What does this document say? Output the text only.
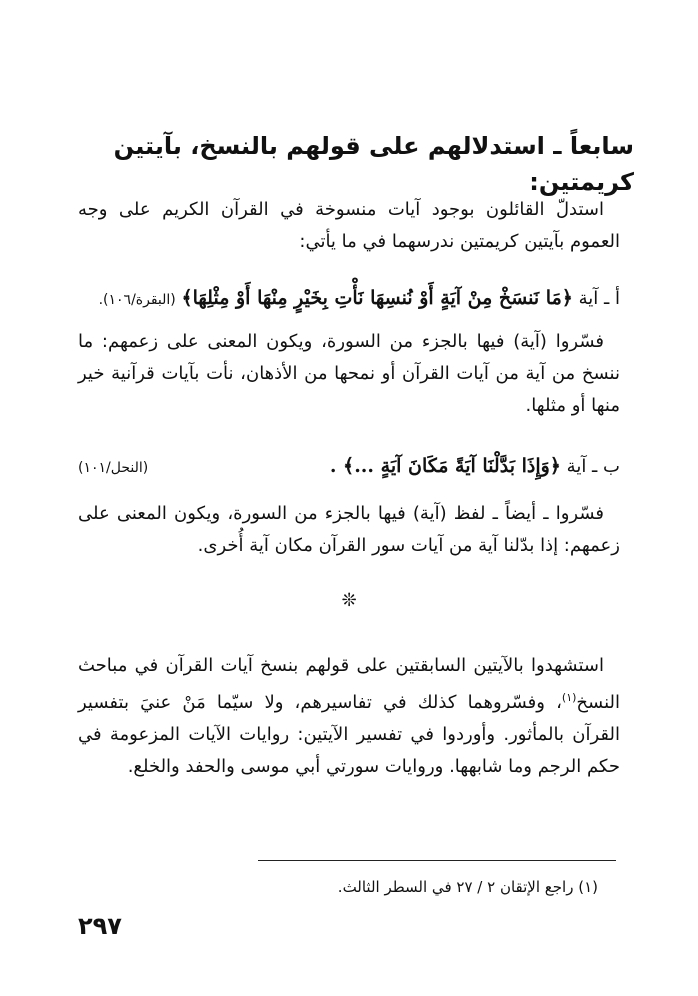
سابعاً ـ استدلالهم على قولهم بالنسخ، بآيتين كريمتين:

استدلّ القائلون بوجود آيات منسوخة في القرآن الكريم على وجه العموم بآيتين كريمتين ندرسهما في ما يأتي:

أ ـ آية ﴿مَا نَنسَخْ مِنْ آيَةٍ أَوْ نُنسِهَا نَأْتِ بِخَيْرٍ مِنْهَا أَوْ مِثْلِهَا﴾ (البقرة/١٠٦).

فسّروا (آية) فيها بالجزء من السورة، ويكون المعنى على زعمهم: ما ننسخ من آية من آيات القرآن أو نمحها من الأذهان، نأت بآيات قرآنية خير منها أو مثلها.

ب ـ آية ﴿وَإِذَا بَدَّلْنَا آيَةً مَكَانَ آيَةٍ ...﴾ .
(النحل/١٠١)

فسّروا ـ أيضاً ـ لفظ (آية) فيها بالجزء من السورة، ويكون المعنى على زعمهم: إذا بدّلنا آية من آيات سور القرآن مكان آية أُخرى.

❊

استشهدوا بالآيتين السابقتين على قولهم بنسخ آيات القرآن في مباحث النسخ$^{(١)}$، وفسّروهما كذلك في تفاسيرهم، ولا سيّما مَنْ عنيَ بتفسير القرآن بالمأثور. وأوردوا في تفسير الآيتين: روايات الآيات المزعومة في حكم الرجم وما شابهها. وروايات سورتي أبي موسى والحفد والخلع.

(١) راجع الإتقان ٢ / ٢٧ في السطر الثالث.
٢٩٧
